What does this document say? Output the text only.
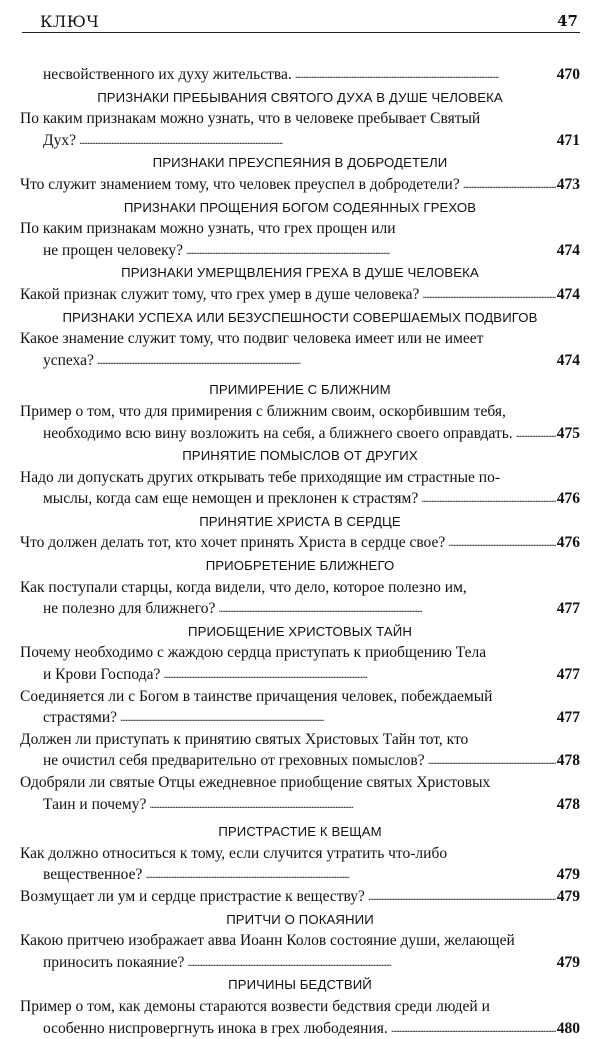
КЛЮЧ	47
несвойственного их духу жительства. . . .	470
ПРИЗНАКИ ПРЕБЫВАНИЯ СВЯТОГО ДУХА В ДУШЕ ЧЕЛОВЕКА
По каким признакам можно узнать, что в человеке пребывает Святый
Дух? . . .	471
ПРИЗНАКИ ПРЕУСПЕЯНИЯ В ДОБРОДЕТЕЛИ
Что служит знамением тому, что человек преуспел в добродетели? . . .	473
ПРИЗНАКИ ПРОЩЕНИЯ БОГОМ СОДЕЯННЫХ ГРЕХОВ
По каким признакам можно узнать, что грех прощен или
не прощен человеку? . . .	474
ПРИЗНАКИ УМЕРЩВЛЕНИЯ ГРЕХА В ДУШЕ ЧЕЛОВЕКА
Какой признак служит тому, что грех умер в душе человека? . . .	474
ПРИЗНАКИ УСПЕХА ИЛИ БЕЗУСПЕШНОСТИ СОВЕРШАЕМЫХ ПОДВИГОВ
Какое знамение служит тому, что подвиг человека имеет или не имеет
успеха? . . .	474
ПРИМИРЕНИЕ С БЛИЖНИМ
Пример о том, что для примирения с ближним своим, оскорбившим тебя,
необходимо всю вину возложить на себя, а ближнего своего оправдать. . . .	475
ПРИНЯТИЕ ПОМЫСЛОВ ОТ ДРУГИХ
Надо ли допускать других открывать тебе приходящие им страстные по-
мыслы, когда сам еще немощен и преклонен к страстям? . . .	476
ПРИНЯТИЕ ХРИСТА В СЕРДЦЕ
Что должен делать тот, кто хочет принять Христа в сердце свое? . . .	476
ПРИОБРЕТЕНИЕ БЛИЖНЕГО
Как поступали старцы, когда видели, что дело, которое полезно им,
не полезно для ближнего? . . .	477
ПРИОБЩЕНИЕ ХРИСТОВЫХ ТАЙН
Почему необходимо с жаждою сердца приступать к приобщению Тела
и Крови Господа? . . .	477
Соединяется ли с Богом в таинстве причащения человек, побеждаемый
страстями? . . .	477
Должен ли приступать к принятию святых Христовых Тайн тот, кто
не очистил себя предварительно от греховных помыслов? . . .	478
Одобряли ли святые Отцы ежедневное приобщение святых Христовых
Таин и почему? . . .	478
ПРИСТРАСТИЕ К ВЕЩАМ
Как должно относиться к тому, если случится утратить что-либо
вещественное? . . .	479
Возмущает ли ум и сердце пристрастие к веществу? . . .	479
ПРИТЧИ О ПОКАЯНИИ
Какою притчею изображает авва Иоанн Колов состояние души, желающей
приносить покаяние? . . .	479
ПРИЧИНЫ БЕДСТВИЙ
Пример о том, как демоны стараются возвести бедствия среди людей и
особенно ниспровергнуть инока в грех любодеяния. . . .	480
